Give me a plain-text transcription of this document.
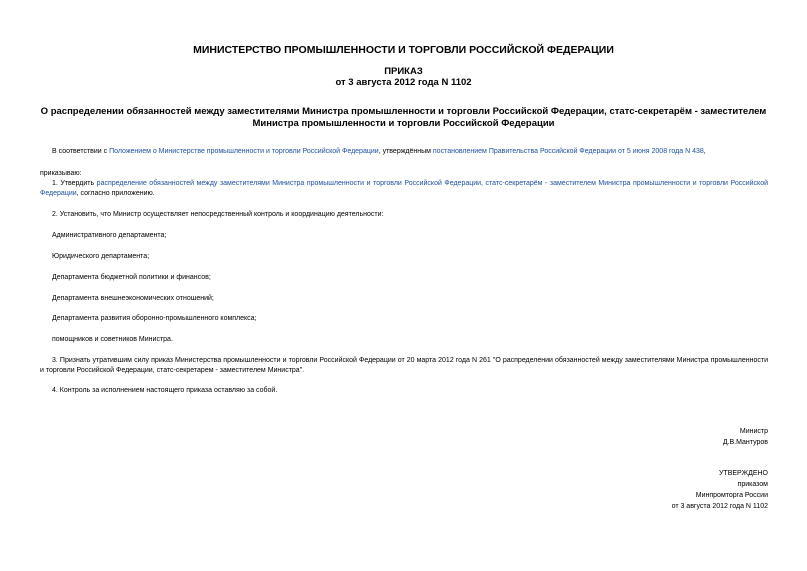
МИНИСТЕРСТВО ПРОМЫШЛЕННОСТИ И ТОРГОВЛИ РОССИЙСКОЙ ФЕДЕРАЦИИ
ПРИКАЗ
от 3 августа 2012 года N 1102
О распределении обязанностей между заместителями Министра промышленности и торговли Российской Федерации, статс-секретарём - заместителем Министра промышленности и торговли Российской Федерации
В соответствии с Положением о Министерстве промышленности и торговли Российской Федерации, утверждённым постановлением Правительства Российской Федерации от 5 июня 2008 года N 438,
приказываю:
1. Утвердить распределение обязанностей между заместителями Министра промышленности и торговли Российской Федерации, статс-секретарём - заместителем Министра промышленности и торговли Российской Федерации, согласно приложению.
2. Установить, что Министр осуществляет непосредственный контроль и координацию деятельности:
Административного департамента;
Юридического департамента;
Департамента бюджетной политики и финансов;
Департамента внешнеэкономических отношений;
Департамента развития оборонно-промышленного комплекса;
помощников и советников Министра.
3. Признать утратившим силу приказ Министерства промышленности и торговли Российской Федерации от 20 марта 2012 года N 261 "О распределении обязанностей между заместителями Министра промышленности и торговли Российской Федерации, статс-секретарем - заместителем Министра".
4. Контроль за исполнением настоящего приказа оставляю за собой.
Министр
Д.В.Мантуров
УТВЕРЖДЕНО
приказом
Минпромторга России
от 3 августа 2012 года N 1102
